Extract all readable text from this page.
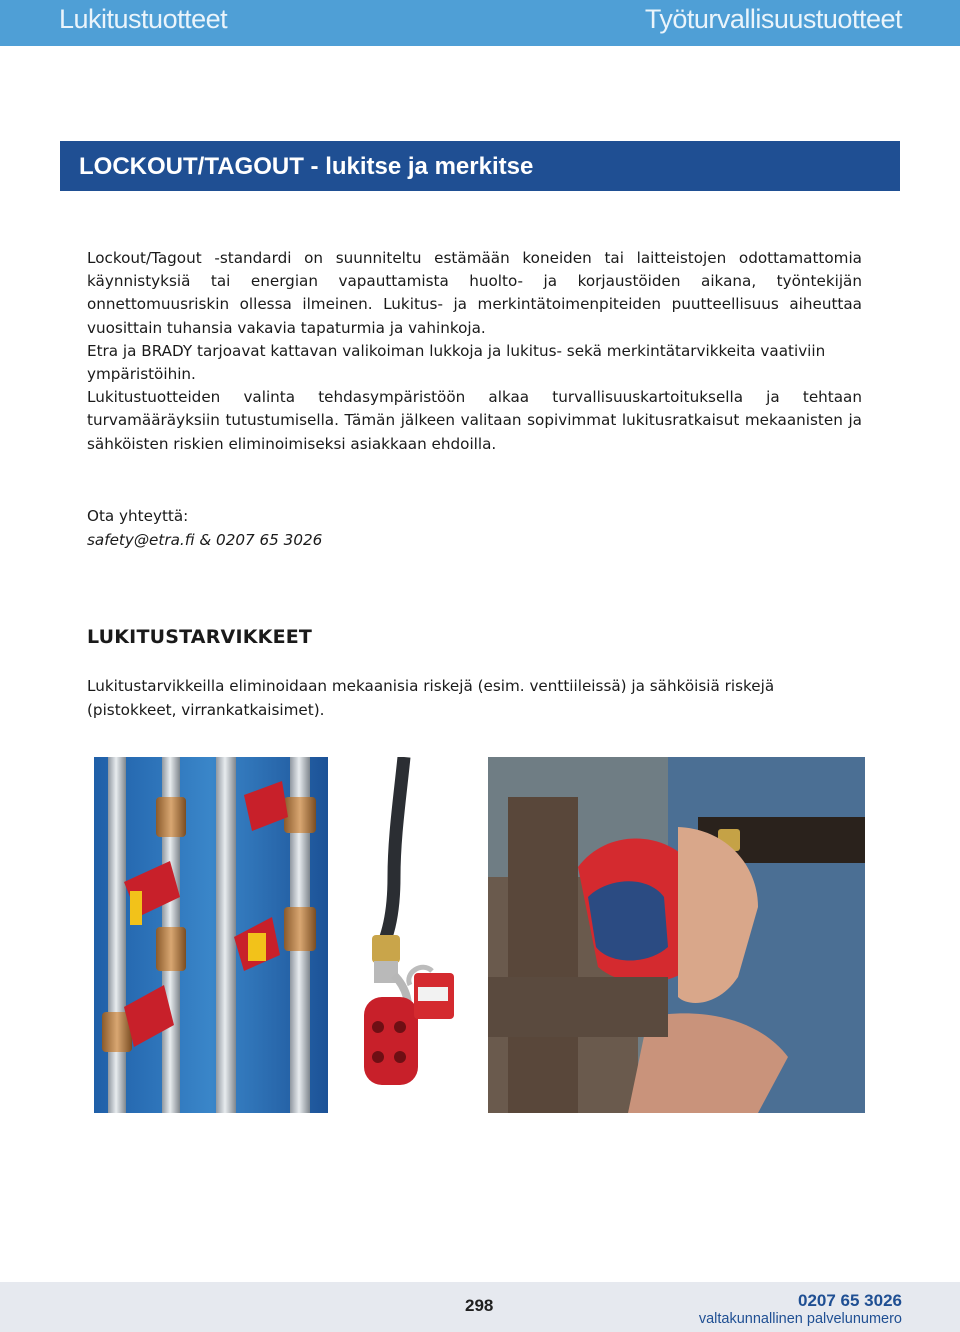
Lukitustuotteet	Työturvallisuustuotteet
LOCKOUT/TAGOUT - lukitse ja merkitse

Lockout/Tagout -standardi on suunniteltu estämään koneiden tai laitteistojen odottamattomia käynnistyksiä tai energian vapauttamista huolto- ja korjaustöiden aikana, työntekijän onnettomuusriskin ollessa ilmeinen. Lukitus- ja merkintätoimenpiteiden puutteellisuus aiheuttaa vuosittain tuhansia vakavia tapaturmia ja vahinkoja.

Etra ja BRADY tarjoavat kattavan valikoiman lukkoja ja lukitus- sekä merkintätarvikkeita vaativiin ympäristöihin.

Lukitustuotteiden valinta tehdasympäristöön alkaa turvallisuuskartoituksella ja tehtaan turvamääräyksiin tutustumisella. Tämän jälkeen valitaan sopivimmat lukitusratkaisut mekaanisten ja sähköisten riskien eliminoimiseksi asiakkaan ehdoilla.

Ota yhteyttä:
safety@etra.fi & 0207 65 3026
LUKITUSTARVIKKEET
Lukitustarvikkeilla eliminoidaan mekaanisia riskejä (esim. venttiileissä) ja sähköisiä riskejä (pistokkeet, virrankatkaisimet).
298	0207 65 3026
valtakunnallinen palvelunumero
